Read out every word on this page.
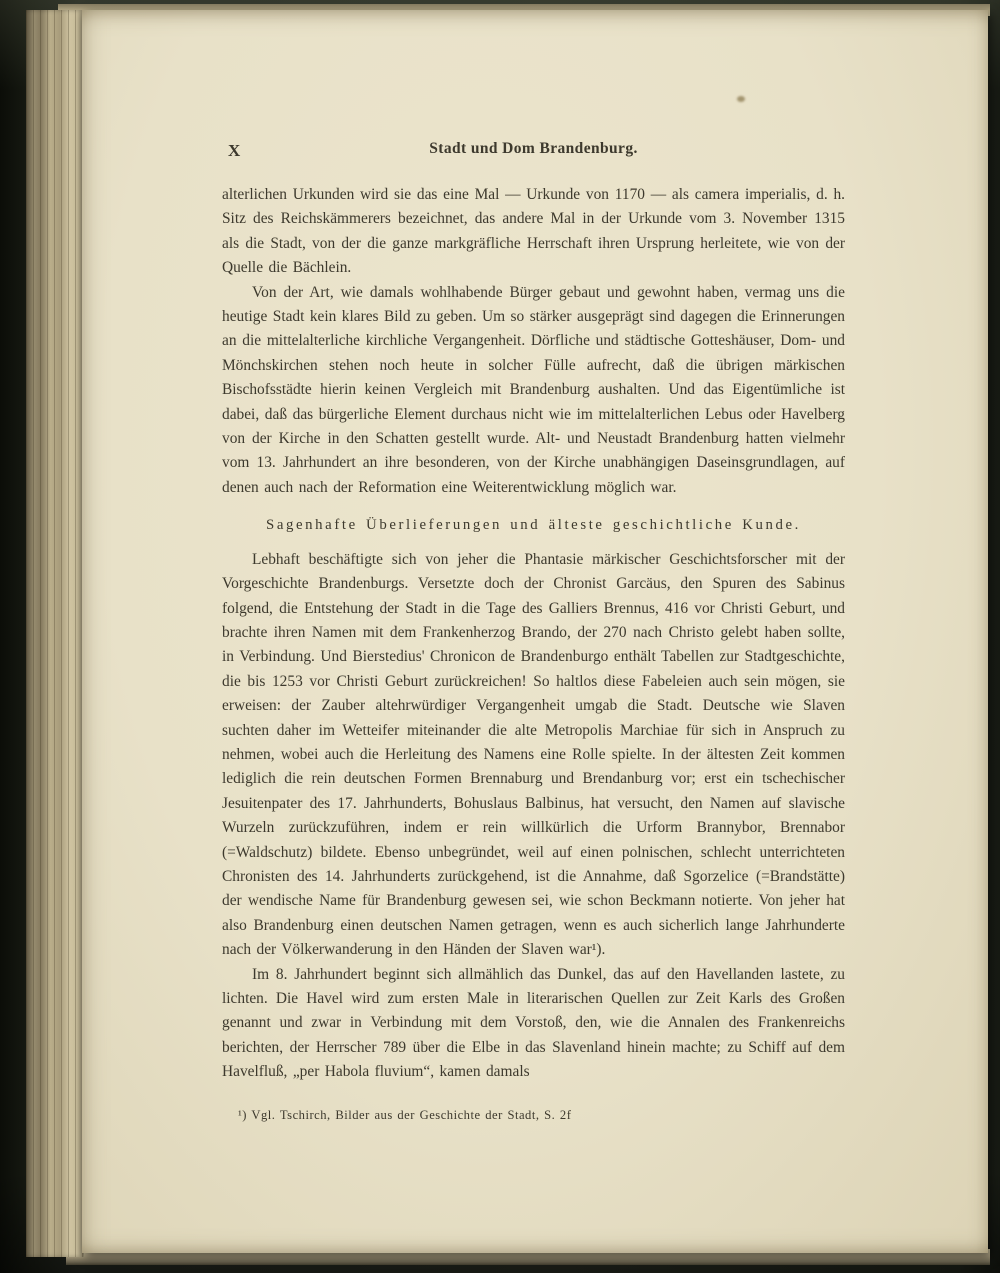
X	Stadt und Dom Brandenburg.

alterlichen Urkunden wird sie das eine Mal — Urkunde von 1170 — als camera imperialis, d. h. Sitz des Reichskämmerers bezeichnet, das andere Mal in der Urkunde vom 3. November 1315 als die Stadt, von der die ganze markgräfliche Herrschaft ihren Ursprung herleitete, wie von der Quelle die Bächlein.

Von der Art, wie damals wohlhabende Bürger gebaut und gewohnt haben, vermag uns die heutige Stadt kein klares Bild zu geben. Um so stärker ausgeprägt sind dagegen die Erinnerungen an die mittelalterliche kirchliche Vergangenheit. Dörfliche und städtische Gotteshäuser, Dom- und Mönchskirchen stehen noch heute in solcher Fülle aufrecht, daß die übrigen märkischen Bischofsstädte hierin keinen Vergleich mit Brandenburg aushalten. Und das Eigentümliche ist dabei, daß das bürgerliche Element durchaus nicht wie im mittelalterlichen Lebus oder Havelberg von der Kirche in den Schatten gestellt wurde. Alt- und Neustadt Brandenburg hatten vielmehr vom 13. Jahrhundert an ihre besonderen, von der Kirche unabhängigen Daseinsgrundlagen, auf denen auch nach der Reformation eine Weiterentwicklung möglich war.

Sagenhafte Überlieferungen und älteste geschichtliche Kunde.

Lebhaft beschäftigte sich von jeher die Phantasie märkischer Geschichtsforscher mit der Vorgeschichte Brandenburgs. Versetzte doch der Chronist Garcäus, den Spuren des Sabinus folgend, die Entstehung der Stadt in die Tage des Galliers Brennus, 416 vor Christi Geburt, und brachte ihren Namen mit dem Frankenherzog Brando, der 270 nach Christo gelebt haben sollte, in Verbindung. Und Bierstedius' Chronicon de Brandenburgo enthält Tabellen zur Stadtgeschichte, die bis 1253 vor Christi Geburt zurückreichen! So haltlos diese Fabeleien auch sein mögen, sie erweisen: der Zauber altehrwürdiger Vergangenheit umgab die Stadt. Deutsche wie Slaven suchten daher im Wetteifer miteinander die alte Metropolis Marchiae für sich in Anspruch zu nehmen, wobei auch die Herleitung des Namens eine Rolle spielte. In der ältesten Zeit kommen lediglich die rein deutschen Formen Brennaburg und Brendanburg vor; erst ein tschechischer Jesuitenpater des 17. Jahrhunderts, Bohuslaus Balbinus, hat versucht, den Namen auf slavische Wurzeln zurückzuführen, indem er rein willkürlich die Urform Brannybor, Brennabor (=Waldschutz) bildete. Ebenso unbegründet, weil auf einen polnischen, schlecht unterrichteten Chronisten des 14. Jahrhunderts zurückgehend, ist die Annahme, daß Sgorzelice (=Brandstätte) der wendische Name für Brandenburg gewesen sei, wie schon Beckmann notierte. Von jeher hat also Brandenburg einen deutschen Namen getragen, wenn es auch sicherlich lange Jahrhunderte nach der Völkerwanderung in den Händen der Slaven war¹).

Im 8. Jahrhundert beginnt sich allmählich das Dunkel, das auf den Havellanden lastete, zu lichten. Die Havel wird zum ersten Male in literarischen Quellen zur Zeit Karls des Großen genannt und zwar in Verbindung mit dem Vorstoß, den, wie die Annalen des Frankenreichs berichten, der Herrscher 789 über die Elbe in das Slavenland hinein machte; zu Schiff auf dem Havelfluß, „per Habola fluvium“, kamen damals

¹) Vgl. Tschirch, Bilder aus der Geschichte der Stadt, S. 2f
